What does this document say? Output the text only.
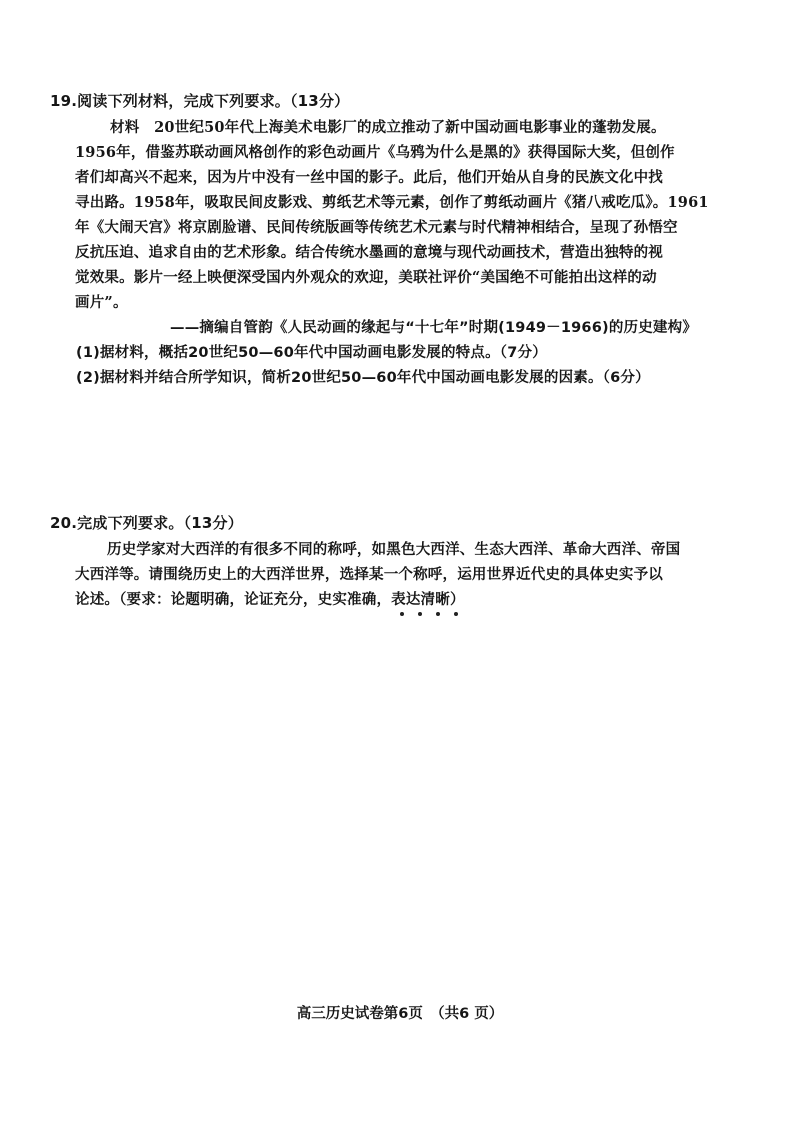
19.阅读下列材料，完成下列要求。（13分）
材料　20世纪50年代上海美术电影厂的成立推动了新中国动画电影事业的蓬勃发展。
1956年，借鉴苏联动画风格创作的彩色动画片《乌鸦为什么是黑的》获得国际大奖，但创作
者们却高兴不起来，因为片中没有一丝中国的影子。此后，他们开始从自身的民族文化中找
寻出路。1958年，吸取民间皮影戏、剪纸艺术等元素，创作了剪纸动画片《猪八戒吃瓜》。1961
年《大闹天宫》将京剧脸谱、民间传统版画等传统艺术元素与时代精神相结合，呈现了孙悟空
反抗压迫、追求自由的艺术形象。结合传统水墨画的意境与现代动画技术，营造出独特的视
觉效果。影片一经上映便深受国内外观众的欢迎，美联社评价“美国绝不可能拍出这样的动
画片”。
——摘编自管韵《人民动画的缘起与“十七年”时期(1949－1966)的历史建构》
(1)据材料，概括20世纪50—60年代中国动画电影发展的特点。（7分）
(2)据材料并结合所学知识，简析20世纪50—60年代中国动画电影发展的因素。（6分）
20.完成下列要求。（13分）
历史学家对大西洋的有很多不同的称呼，如黑色大西洋、生态大西洋、革命大西洋、帝国
大西洋等。请围绕历史上的大西洋世界，选择某一个称呼，运用世界近代史的具体史实予以
论述。（要求：论题明确，论证充分，史实准确，表达清晰）
高三历史试卷第6页　（共6 页）
